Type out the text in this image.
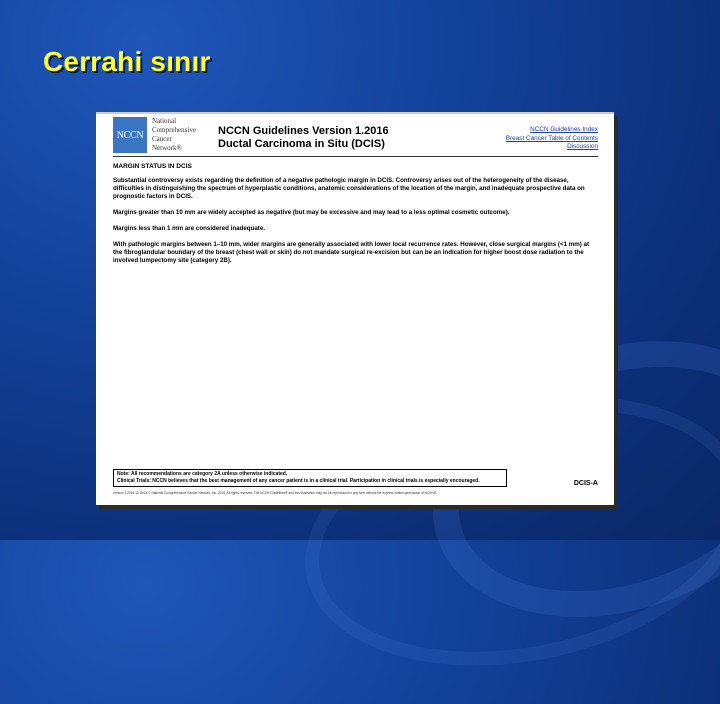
Cerrahi sınır
NCCN
National
Comprehensive
Cancer
Network®
NCCN Guidelines Version 1.2016
Ductal Carcinoma in Situ (DCIS)
NCCN Guidelines Index
Breast Cancer Table of Contents
Discussion
MARGIN STATUS IN DCIS

Substantial controversy exists regarding the definition of a negative pathologic margin in DCIS. Controversy arises out of the heterogeneity of the disease, difficulties in distinguishing the spectrum of hyperplastic conditions, anatomic considerations of the location of the margin, and inadequate prospective data on prognostic factors in DCIS.

Margins greater than 10 mm are widely accepted as negative (but may be excessive and may lead to a less optimal cosmetic outcome).

Margins less than 1 mm are considered inadequate.

With pathologic margins between 1–10 mm, wider margins are generally associated with lower local recurrence rates. However, close surgical margins (<1 mm) at the fibroglandular boundary of the breast (chest wall or skin) do not mandate surgical re-excision but can be an indication for higher boost dose radiation to the involved lumpectomy site (category 2B).

Note: All recommendations are category 2A unless otherwise indicated.
Clinical Trials: NCCN believes that the best management of any cancer patient is in a clinical trial. Participation in clinical trials is especially encouraged.	DCIS-A
Version 1.2016 11/18/15 © National Comprehensive Cancer Network, Inc. 2015, All rights reserved. The NCCN Guidelines® and this illustration may not be reproduced in any form without the express written permission of NCCN®.
